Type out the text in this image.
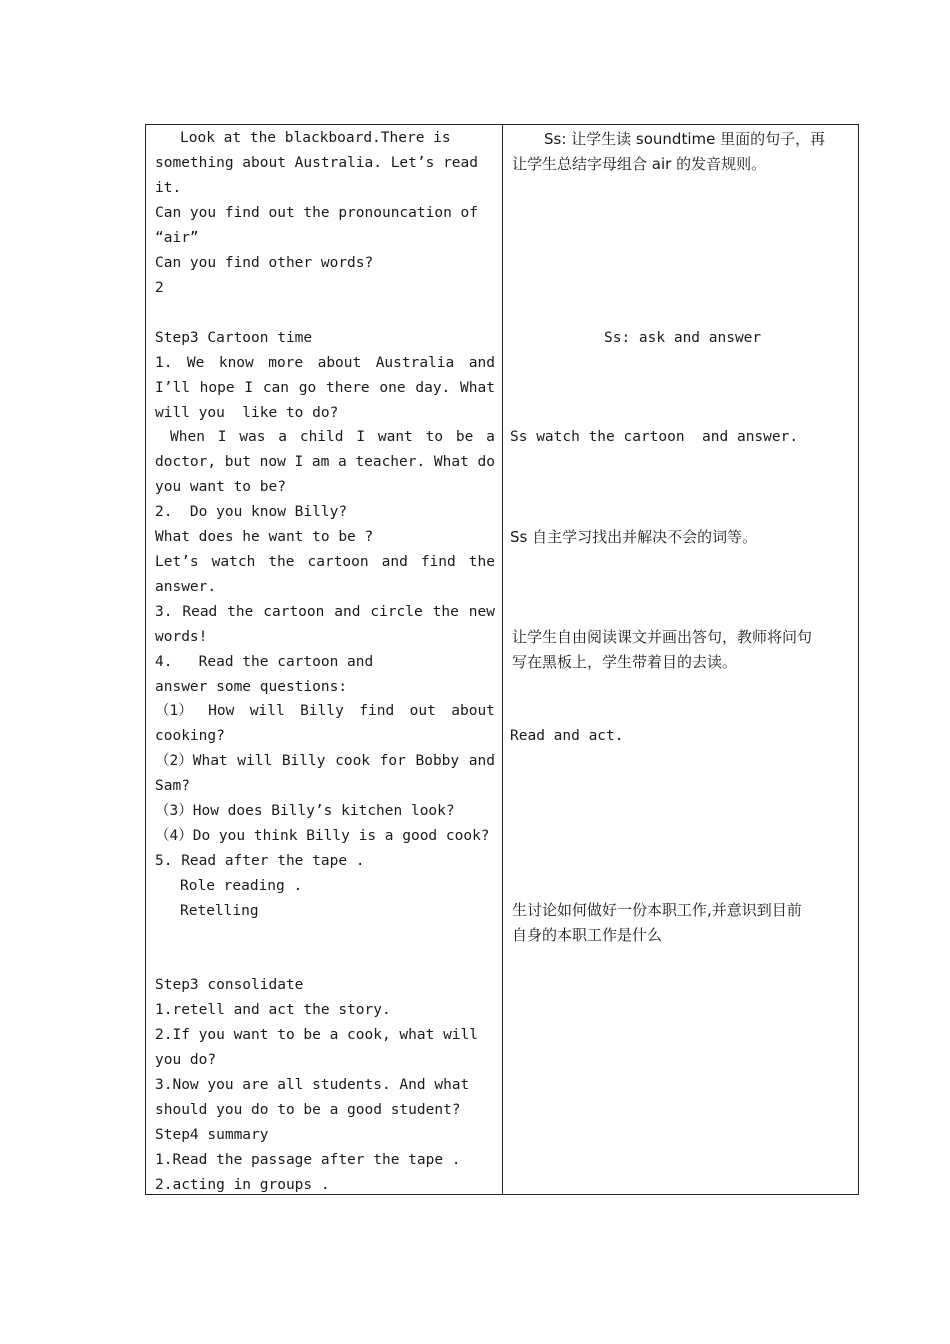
Look at the blackboard.There is
something about Australia. Let’s read
it.
Can you find out the pronouncation of
“air”
Can you find other words?
2
Step3 Cartoon time
1. We know more about Australia and
I’ll hope I can go there one day. What
will you  like to do?
When I was a child I want to be a
doctor, but now I am a teacher. What do
you want to be?
2.  Do you know Billy?
What does he want to be ?
Let’s watch the cartoon and find the
answer.
3. Read the cartoon and circle the new
words!
4.   Read the cartoon and
answer some questions:
（1） How will Billy find out about
cooking?
（2）What will Billy cook for Bobby and
Sam?
（3）How does Billy’s kitchen look?
（4）Do you think Billy is a good cook?
5. Read after the tape .
Role reading .
Retelling
Step3 consolidate
1.retell and act the story.
2.If you want to be a cook, what will
you do?
3.Now you are all students. And what
should you do to be a good student?
Step4 summary
1.Read the passage after the tape .
2.acting in groups .
Ss: 让学生读 soundtime 里面的句子，再
让学生总结字母组合 air 的发音规则。
Ss: ask and answer
Ss watch the cartoon  and answer.
Ss 自主学习找出并解决不会的词等。
让学生自由阅读课文并画出答句，教师将问句
写在黑板上，学生带着目的去读。
Read and act.
生讨论如何做好一份本职工作,并意识到目前
自身的本职工作是什么
